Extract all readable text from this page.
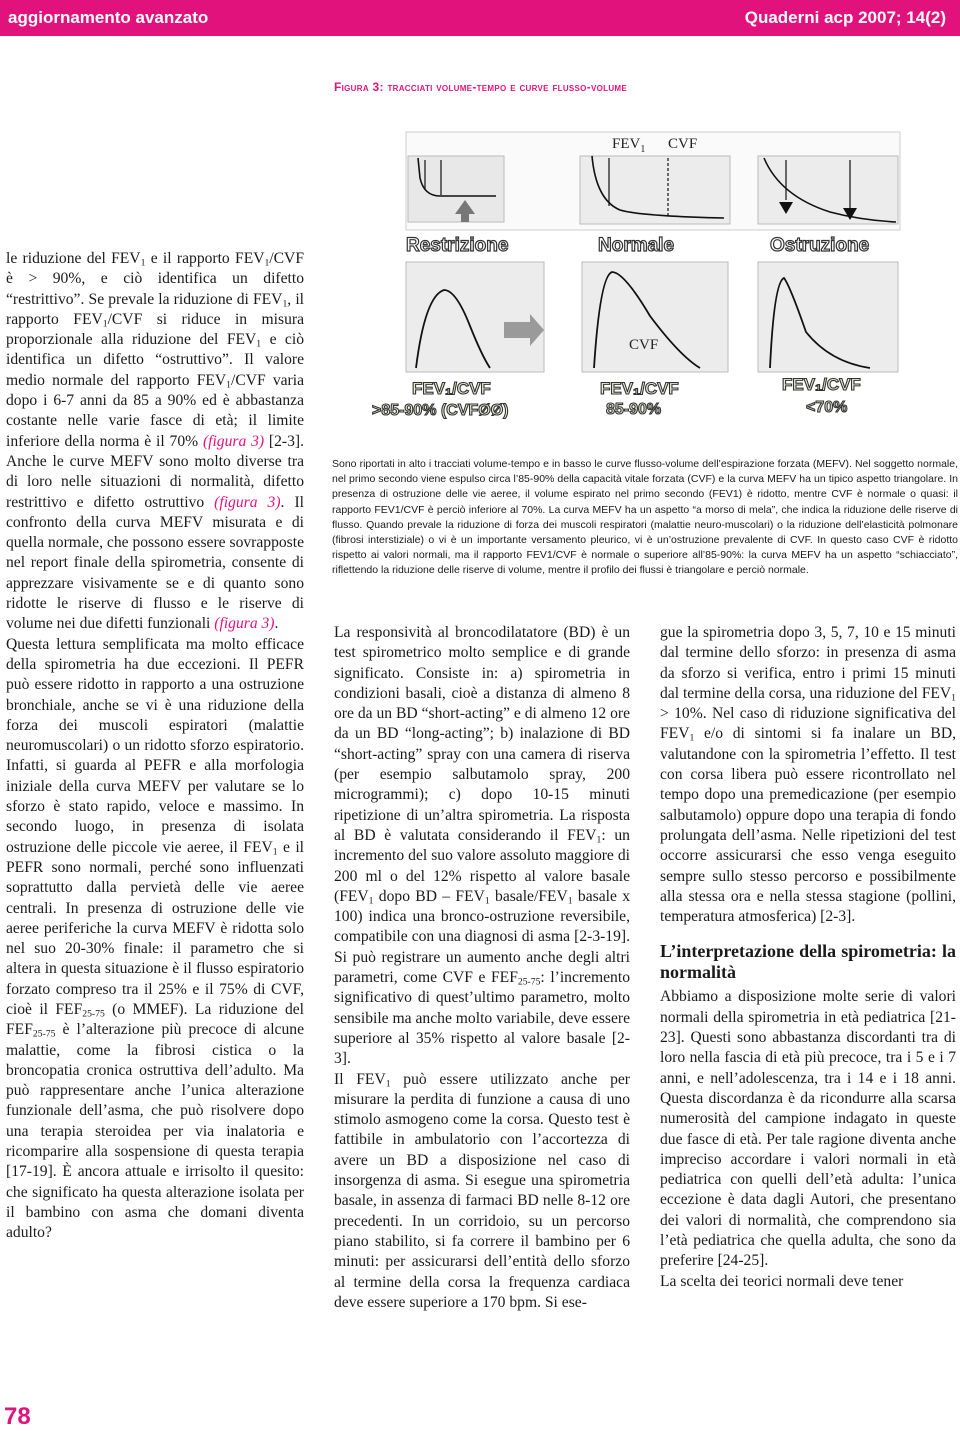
aggiornamento avanzato	Quaderni acp 2007; 14(2)
Figura 3: tracciati volume-tempo e curve flusso-volume
$FEV_1$ CVF
Restrizione	Normale	Ostruzione
CVF
FEV₁/CVF
>85-90% (CVFØØ)
FEV₁/CVF
85-90%
FEV₁/CVF
<70%
Sono riportati in alto i tracciati volume-tempo e in basso le curve flusso-volume dell’espirazione forzata (MEFV). Nel soggetto normale, nel primo secondo viene espulso circa l’85-90% della capacità vitale forzata (CVF) e la curva MEFV ha un tipico aspetto triangolare. In presenza di ostruzione delle vie aeree, il volume espirato nel primo secondo (FEV1) è ridotto, mentre CVF è normale o quasi: il rapporto FEV1/CVF è perciò inferiore al 70%. La curva MEFV ha un aspetto “a morso di mela”, che indica la riduzione delle riserve di flusso. Quando prevale la riduzione di forza dei muscoli respiratori (malattie neuro-muscolari) o la riduzione dell’elasticità polmonare (fibrosi interstiziale) o vi è un importante versamento pleurico, vi è un’ostruzione prevalente di CVF. In questo caso CVF è ridotto rispetto ai valori normali, ma il rapporto FEV1/CVF è normale o superiore all’85-90%: la curva MEFV ha un aspetto “schiacciato”, riflettendo la riduzione delle riserve di volume, mentre il profilo dei flussi è triangolare e perciò normale.

le riduzione del $FEV_1$ e il rapporto $FEV_1$/CVF è > 90%, e ciò identifica un difetto “restrittivo”. Se prevale la riduzione di $FEV_1$, il rapporto $FEV_1$/CVF si riduce in misura proporzionale alla riduzione del $FEV_1$ e ciò identifica un difetto “ostruttivo”. Il valore medio normale del rapporto $FEV_1$/CVF varia dopo i 6-7 anni da 85 a 90% ed è abbastanza costante nelle varie fasce di età; il limite inferiore della norma è il 70% (figura 3) [2-3]. Anche le curve MEFV sono molto diverse tra di loro nelle situazioni di normalità, difetto restrittivo e difetto ostruttivo (figura 3). Il confronto della curva MEFV misurata e di quella normale, che possono essere sovrapposte nel report finale della spirometria, consente di apprezzare visivamente se e di quanto sono ridotte le riserve di flusso e le riserve di volume nei due difetti funzionali (figura 3).

Questa lettura semplificata ma molto efficace della spirometria ha due eccezioni. Il PEFR può essere ridotto in rapporto a una ostruzione bronchiale, anche se vi è una riduzione della forza dei muscoli espiratori (malattie neuromuscolari) o un ridotto sforzo espiratorio. Infatti, si guarda al PEFR e alla morfologia iniziale della curva MEFV per valutare se lo sforzo è stato rapido, veloce e massimo. In secondo luogo, in presenza di isolata ostruzione delle piccole vie aeree, il $FEV_1$ e il PEFR sono normali, perché sono influenzati soprattutto dalla pervietà delle vie aeree centrali. In presenza di ostruzione delle vie aeree periferiche la curva MEFV è ridotta solo nel suo 20-30% finale: il parametro che si altera in questa situazione è il flusso espiratorio forzato compreso tra il 25% e il 75% di CVF, cioè il $FEF_{25-75}$ (o MMEF). La riduzione del $FEF_{25-75}$ è l’alterazione più precoce di alcune malattie, come la fibrosi cistica o la broncopatia cronica ostruttiva dell’adulto. Ma può rappresentare anche l’unica alterazione funzionale dell’asma, che può risolvere dopo una terapia steroidea per via inalatoria e ricomparire alla sospensione di questa terapia [17-19]. È ancora attuale e irrisolto il quesito: che significato ha questa alterazione isolata per il bambino con asma che domani diventa adulto?

La responsività al broncodilatatore (BD) è un test spirometrico molto semplice e di grande significato. Consiste in: a) spirometria in condizioni basali, cioè a distanza di almeno 8 ore da un BD “short-acting” e di almeno 12 ore da un BD “long-acting”; b) inalazione di BD “short-acting” spray con una camera di riserva (per esempio salbutamolo spray, 200 microgrammi); c) dopo 10-15 minuti ripetizione di un’altra spirometria. La risposta al BD è valutata considerando il $FEV_1$: un incremento del suo valore assoluto maggiore di 200 ml o del 12% rispetto al valore basale ($FEV_1$ dopo BD – $FEV_1$ basale/$FEV_1$ basale x 100) indica una bronco-ostruzione reversibile, compatibile con una diagnosi di asma [2-3-19]. Si può registrare un aumento anche degli altri parametri, come CVF e $FEF_{25-75}$: l’incremento significativo di quest’ultimo parametro, molto sensibile ma anche molto variabile, deve essere superiore al 35% rispetto al valore basale [2-3].

Il $FEV_1$ può essere utilizzato anche per misurare la perdita di funzione a causa di uno stimolo asmogeno come la corsa. Questo test è fattibile in ambulatorio con l’accortezza di avere un BD a disposizione nel caso di insorgenza di asma. Si esegue una spirometria basale, in assenza di farmaci BD nelle 8-12 ore precedenti. In un corridoio, su un percorso piano stabilito, si fa correre il bambino per 6 minuti: per assicurarsi dell’entità dello sforzo al termine della corsa la frequenza cardiaca deve essere superiore a 170 bpm. Si ese-

gue la spirometria dopo 3, 5, 7, 10 e 15 minuti dal termine dello sforzo: in presenza di asma da sforzo si verifica, entro i primi 15 minuti dal termine della corsa, una riduzione del $FEV_1 > 10\%$. Nel caso di riduzione significativa del $FEV_1$ e/o di sintomi si fa inalare un BD, valutandone con la spirometria l’effetto. Il test con corsa libera può essere ricontrollato nel tempo dopo una premedicazione (per esempio salbutamolo) oppure dopo una terapia di fondo prolungata dell’asma. Nelle ripetizioni del test occorre assicurarsi che esso venga eseguito sempre sullo stesso percorso e possibilmente alla stessa ora e nella stessa stagione (pollini, temperatura atmosferica) [2-3].

L’interpretazione della spirometria: la normalità

Abbiamo a disposizione molte serie di valori normali della spirometria in età pediatrica [21-23]. Questi sono abbastanza discordanti tra di loro nella fascia di età più precoce, tra i 5 e i 7 anni, e nell’adolescenza, tra i 14 e i 18 anni. Questa discordanza è da ricondurre alla scarsa numerosità del campione indagato in queste due fasce di età. Per tale ragione diventa anche impreciso accordare i valori normali in età pediatrica con quelli dell’età adulta: l’unica eccezione è data dagli Autori, che presentano dei valori di normalità, che comprendono sia l’età pediatrica che quella adulta, che sono da preferire [24-25].

La scelta dei teorici normali deve tener

78
